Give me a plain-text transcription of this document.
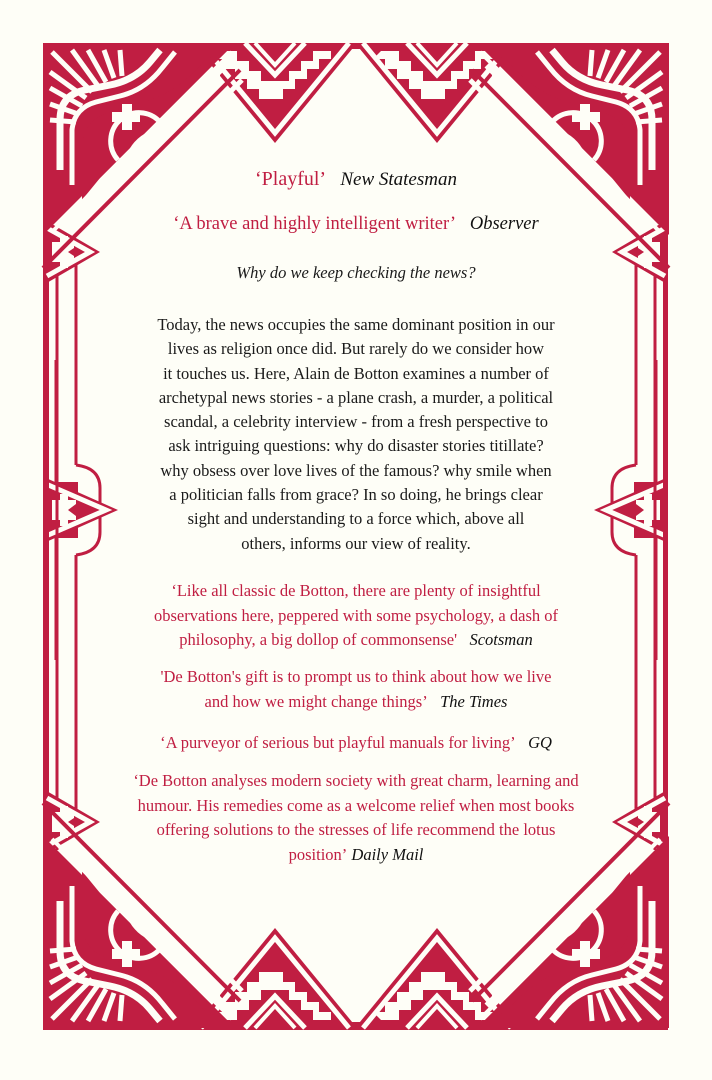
‘Playful’ New Statesman
‘A brave and highly intelligent writer’ Observer
Why do we keep checking the news?
Today, the news occupies the same dominant position in our
lives as religion once did. But rarely do we consider how
it touches us. Here, Alain de Botton examines a number of
archetypal news stories - a plane crash, a murder, a political
scandal, a celebrity interview - from a fresh perspective to
ask intriguing questions: why do disaster stories titillate?
why obsess over love lives of the famous? why smile when
a politician falls from grace? In so doing, he brings clear
sight and understanding to a force which, above all
others, informs our view of reality.
‘Like all classic de Botton, there are plenty of insightful
observations here, peppered with some psychology, a dash of
philosophy, a big dollop of commonsense' Scotsman
'De Botton's gift is to prompt us to think about how we live
and how we might change things’ The Times
‘A purveyor of serious but playful manuals for living’ GQ
‘De Botton analyses modern society with great charm, learning and
humour. His remedies come as a welcome relief when most books
offering solutions to the stresses of life recommend the lotus
position’ Daily Mail
